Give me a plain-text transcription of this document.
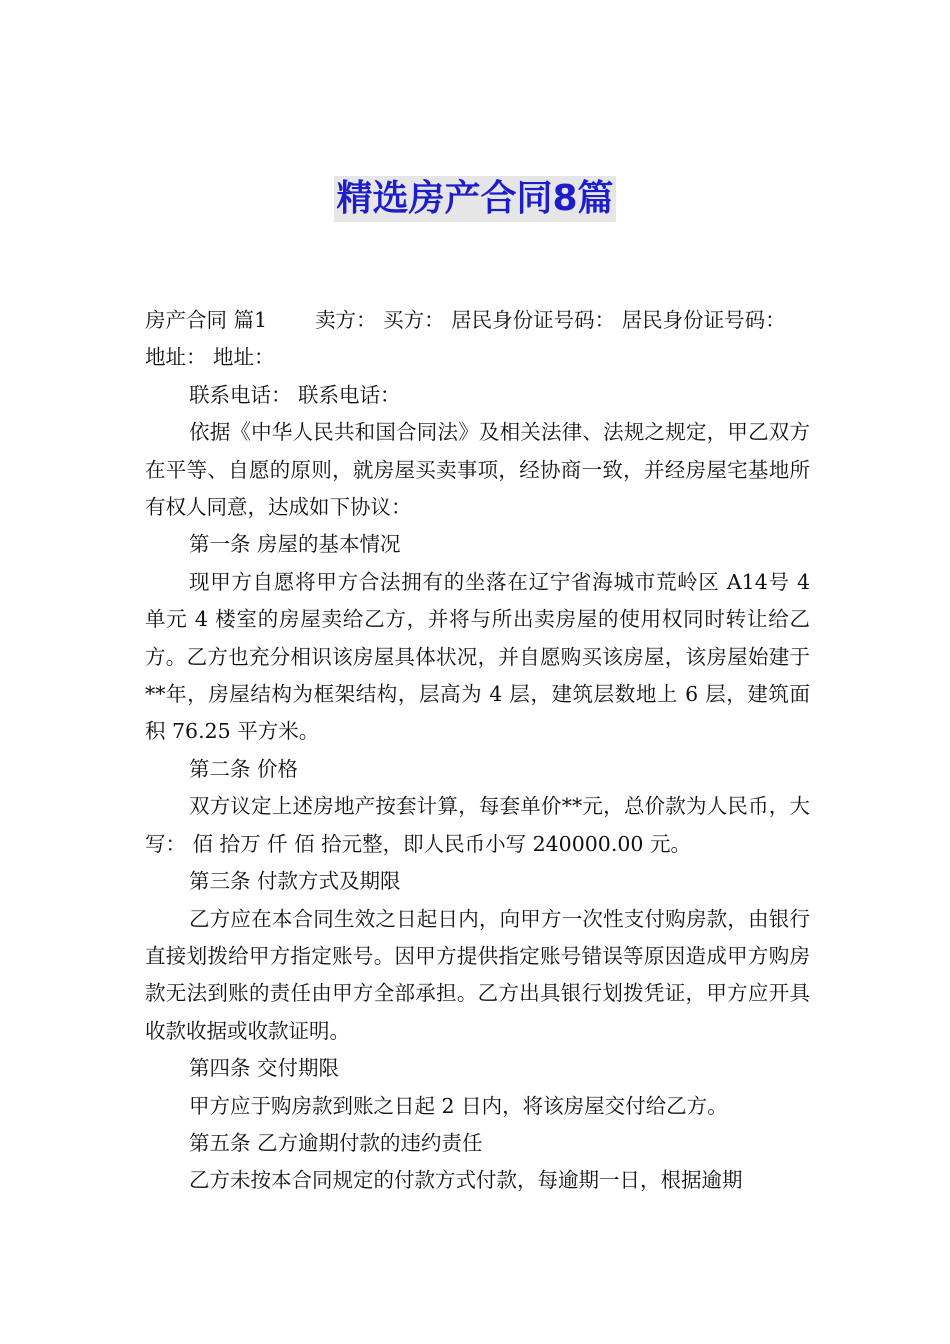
精选房产合同8篇

房产合同 篇1 卖方： 买方： 居民身份证号码： 居民身份证号码：

地址： 地址：

联系电话： 联系电话：

依据《中华人民共和国合同法》及相关法律、法规之规定，甲乙双方在平等、自愿的原则，就房屋买卖事项，经协商一致，并经房屋宅基地所有权人同意，达成如下协议：

第一条 房屋的基本情况

现甲方自愿将甲方合法拥有的坐落在辽宁省海城市荒岭区 A14号 4 单元 4 楼室的房屋卖给乙方，并将与所出卖房屋的使用权同时转让给乙方。乙方也充分相识该房屋具体状况，并自愿购买该房屋，该房屋始建于**年，房屋结构为框架结构，层高为 4 层，建筑层数地上 6 层，建筑面积 76.25 平方米。

第二条 价格

双方议定上述房地产按套计算，每套单价**元，总价款为人民币，大写： 佰 拾万 仟 佰 拾元整，即人民币小写 240000.00 元。

第三条 付款方式及期限

乙方应在本合同生效之日起日内，向甲方一次性支付购房款，由银行直接划拨给甲方指定账号。因甲方提供指定账号错误等原因造成甲方购房款无法到账的责任由甲方全部承担。乙方出具银行划拨凭证，甲方应开具收款收据或收款证明。

第四条 交付期限

甲方应于购房款到账之日起 2 日内，将该房屋交付给乙方。

第五条 乙方逾期付款的违约责任

乙方未按本合同规定的付款方式付款，每逾期一日，根据逾期
